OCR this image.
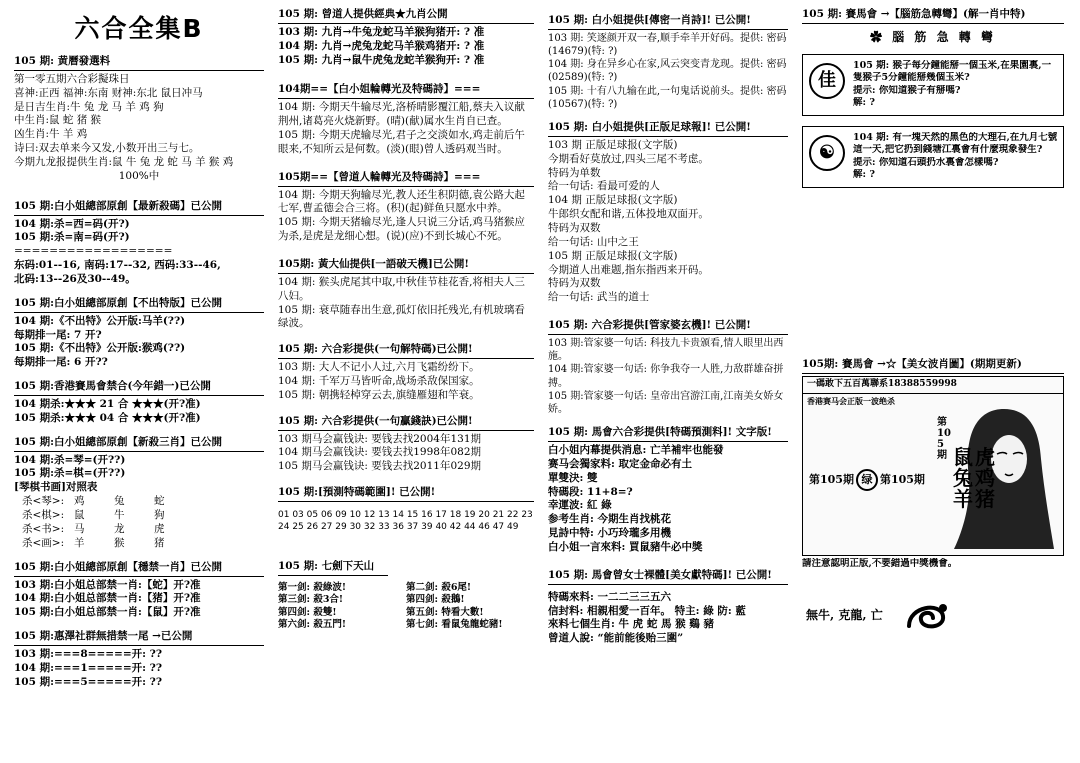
六合全集B
105 期: 黄曆發選料
第一零五期六合彩擬珠日
喜神:正西 福神:东南 财神:东北 鼠日冲马
是日吉生肖:牛 兔 龙 马 羊 鸡 狗
中生肖:鼠 蛇 猪 猴
凶生肖:牛 羊 鸡
诗曰:双去单来今又发,小数开出三与七。
今期九龙报提供生肖:鼠 牛 兔 龙 蛇 马 羊 猴 鸡
100%中
105 期:白小姐總部原創【最新殺碼】已公開
104 期:杀=西=码(开?)
105 期:杀=南=码(开?)
==================
东码:01--16, 南码:17--32, 西码:33--46,
北码:13--26及30--49。
105 期:白小姐總部原創【不出特版】已公開
104 期:《不出特》公开版:马羊(??)
每期排一尾: 7 开?
105 期:《不出特》公开版:猴鸡(??)
每期排一尾: 6 开??
105 期:香港賽馬會禁合(今年錯一)已公開
104 期杀:★★★ 21 合 ★★★(开?准)
105 期杀:★★★ 04 合 ★★★(开?准)
105 期:白小姐總部原創【新殺三肖】已公開
104 期:杀=琴=(开??)
105 期:杀=棋=(开??)
[琴棋书画]对照表
杀<琴>: 鸡	兔	蛇
杀<棋>: 鼠	牛	狗
杀<书>: 马	龙	虎
杀<画>: 羊	猴	猪
105 期:白小姐總部原創【穩禁一肖】已公開
103 期:白小姐总部禁一肖:【蛇】开?准
104 期:白小姐总部禁一肖:【猪】开?准
105 期:白小姐总部禁一肖:【鼠】开?准
105 期:惠澤社群無措禁一尾 →已公開
103 期:===8=====开: ??
104 期:===1=====开: ??
105 期:===5=====开: ??
105 期: 曾道人提供經典★九肖公開
103 期: 九肖→牛兔龙蛇马羊猴狗猪开: ? 准
104 期: 九肖→虎兔龙蛇马羊猴鸡猪开: ? 准
105 期: 九肖→鼠牛虎兔龙蛇羊猴狗开: ? 准
104期==【白小姐輪轉光及特碼詩】===
104 期: 今期天牛输尽光,洛桥晴影覆江船,蔡夫入议献荆州,诸葛亮火烧新野。(晴)(献)属水生肖自已查。
105 期: 今期天虎输尽光,君子之交淡如水,鸡走前后午眼来,不知所云是何数。(淡)(眼)曾人透码观当时。
105期==【曾道人輪轉光及特碼詩】===
104 期: 今期天狗输尽光,教人还生积阴德,袁公路大起七军,曹孟德会合三将。(积)(起)鲜鱼只愿水中养。
105 期: 今期天猪输尽光,逢人只说三分话,鸡马猪猴应为杀,是虎是龙细心想。(说)(应)不到长城心不死。
105期: 黃大仙提供[一語破天機]已公開!
104 期: 猴头虎尾其中取,中秋佳节桂花香,将相夫人三八妇。
105 期: 衰草随春出生意,孤灯依旧托残光,有机玻璃看绿波。
105 期: 六合彩提供(一句解特碼)已公開!
103 期: 大人不记小人过,六月飞霜纷纷下。
104 期: 千军万马皆听命,战场杀敌保国家。
105 期: 朝携轻棹穿云去,旗缝雁翅和竿衰。
105 期: 六合彩提供(一句贏錢訣)已公開!
103 期马会赢钱诀: 要钱去找2004年131期
104 期马会赢钱诀: 要钱去找1998年082期
105 期马会赢钱诀: 要钱去找2011年029期
105 期:[預測特碼範圍]! 已公開!
01 03 05 06 09 10 12 13 14 15 16 17 18 19 20 21 22 23
24 25 26 27 29 30 32 33 36 37 39 40 42 44 46 47 49
105 期: 七劍下天山
第一剑: 殺綠波!	第二剑: 殺6尾!
第三剑: 殺3合!	第四剑: 殺鵝!
第四剑: 殺雙!	第五剑: 特看大數!
第六剑: 殺五門!	第七剑: 看鼠兔龍蛇豬!
105 期: 白小姐提供[傳密一肖詩]! 已公開!
103 期: 笑逐颜开双一春,顺手牵羊开好码。提供: 密码(14679)(特: ?)
104 期: 身在异乡心在家,风云突变青龙现。提供: 密码(02589)(特: ?)
105 期: 十有八九输在此,一句鬼话说前头。提供: 密码(10567)(特: ?)
105 期: 白小姐提供[正版足球報]! 已公開!
103 期 正版足球报(文字版)
今期看好莫放过,四头三尾不考虑。
特码为单数
给一句话: 看最可爱的人
104 期 正版足球报(文字版)
牛郎织女配和谐,五体投地双面开。
特码为双数
给一句话: 山中之王
105 期 正版足球报(文字版)
今期道人出难题,指东指西来开码。
特码为双数
给一句话: 武当的道士
105 期: 六合彩提供[管家婆玄機]! 已公開!
103 期:管家婆一句话: 科技九卡贵颁看,情人眼里出西施。
104 期:管家婆一句话: 你争我夺一人胜,力敌群雄奋拼搏。
105 期:管家婆一句话: 皇帝出宫游江南,江南美女娇女娇。
105 期: 馬會六合彩提供[特碼預測料]! 文字版!
白小姐内幕提供消息: 亡羊補牢也能發
赛马会獨家料: 取定金命必有土
單雙決: 雙
特碼段: 11+8=?
幸運波: 紅 綠
参考生肖: 今期生肖找桃花
見詩中特: 小巧玲瓏多用機
白小姐一言來料: 買鼠豬牛必中獎
105 期: 馬會曾女士裸體[美女獻特碼]! 已公開!
特碼來料: 一二二三三五六
信封料: 相親相愛一百年。 特主: 綠 防: 藍
來料七個生肖: 牛 虎 蛇 馬 猴 鷄 豬
曾道人說: “能前能後贻三圍”
105 期: 賽馬會 →【腦筋急轉彎】(解一肖中特)
✿ 腦 筋 急 轉 彎
佳
105 期: 猴子每分鐘能掰一個玉米,在果園裏,一
隻猴子5分鐘能掰幾個玉米?
提示: 你知道猴子有掰嗎?
解: ?
☯
104 期: 有一塊天然的黑色的大理石,在九月七號
這一天,把它扔到錢塘江裏會有什麼現象發生?
提示: 你知道石頭扔水裏會怎樣嗎?
解: ?
105期: 賽馬會 →☆【美女波肖圖】(期期更新)
一碼敢下五百萬聯系18388559998
香港赛马会正版一波绝杀
第105期 鼠 虎
兔 鸡
羊 猪
第105期 绿 第105期
請注意認明正版,不要錯過中獎機會。
無牛, 克龍, 亡
